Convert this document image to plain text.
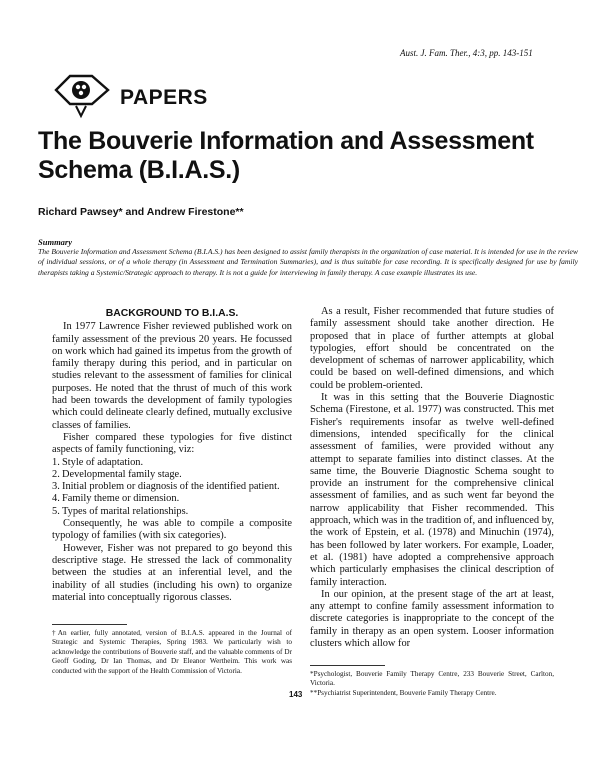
Aust. J. Fam. Ther., 4:3, pp. 143-151
PAPERS
The Bouverie Information and Assessment Schema (B.I.A.S.)
Richard Pawsey* and Andrew Firestone**
Summary
The Bouverie Information and Assessment Schema (B.I.A.S.) has been designed to assist family therapists in the organization of case material. It is intended for use in the review of individual sessions, or of a whole therapy (in Assessment and Termination Summaries), and is thus suitable for case recording. It is specifically designed for use by family therapists taking a Systemic/Strategic approach to therapy. It is not a guide for interviewing in family therapy. A case example illustrates its use.
BACKGROUND TO B.I.A.S.

In 1977 Lawrence Fisher reviewed published work on family assessment of the previous 20 years. He focussed on work which had gained its impetus from the growth of family therapy during this period, and in particular on studies relevant to the assessment of families for clinical purposes. He noted that the thrust of much of this work had been towards the development of family typologies which could delineate clearly defined, mutually exclusive classes of families.

Fisher compared these typologies for five distinct aspects of family functioning, viz:

1. Style of adaptation.
2. Developmental family stage.
3. Initial problem or diagnosis of the identified patient.
4. Family theme or dimension.
5. Types of marital relationships.

Consequently, he was able to compile a composite typology of families (with six categories).

However, Fisher was not prepared to go beyond this descriptive stage. He stressed the lack of commonality between the studies at an inferential level, and the inability of all studies (including his own) to organize material into conceptually rigorous classes.

As a result, Fisher recommended that future studies of family assessment should take another direction. He proposed that in place of further attempts at global typologies, effort should be concentrated on the development of schemas of narrower applicability, which could be based on well-defined dimensions, and which could be problem-oriented.

It was in this setting that the Bouverie Diagnostic Schema (Firestone, et al. 1977) was constructed. This met Fisher's requirements insofar as twelve well-defined dimensions, intended specifically for the clinical assessment of families, were provided without any attempt to separate families into distinct classes. At the same time, the Bouverie Diagnostic Schema sought to provide an instrument for the comprehensive clinical assessment of families, and as such went far beyond the narrow applicability that Fisher recommended. This approach, which was in the tradition of, and influenced by, the work of Epstein, et al. (1978) and Minuchin (1974), has been followed by later workers. For example, Loader, et al. (1981) have adopted a comprehensive approach which particularly emphasises the clinical description of family interaction.

In our opinion, at the present stage of the art at least, any attempt to confine family assessment information to discrete categories is inappropriate to the concept of the family in therapy as an open system. Looser information clusters which allow for

†An earlier, fully annotated, version of B.I.A.S. appeared in the Journal of Strategic and Systemic Therapies, Spring 1983. We particularly wish to acknowledge the contributions of Bouverie staff, and the valuable comments of Dr Geoff Goding, Dr Ian Thomas, and Dr Eleanor Wertheim. This work was conducted with the support of the Health Commission of Victoria.	*Psychologist, Bouverie Family Therapy Centre, 233 Bouverie Street, Carlton, Victoria.

**Psychiatrist Superintendent, Bouverie Family Therapy Centre.

143
